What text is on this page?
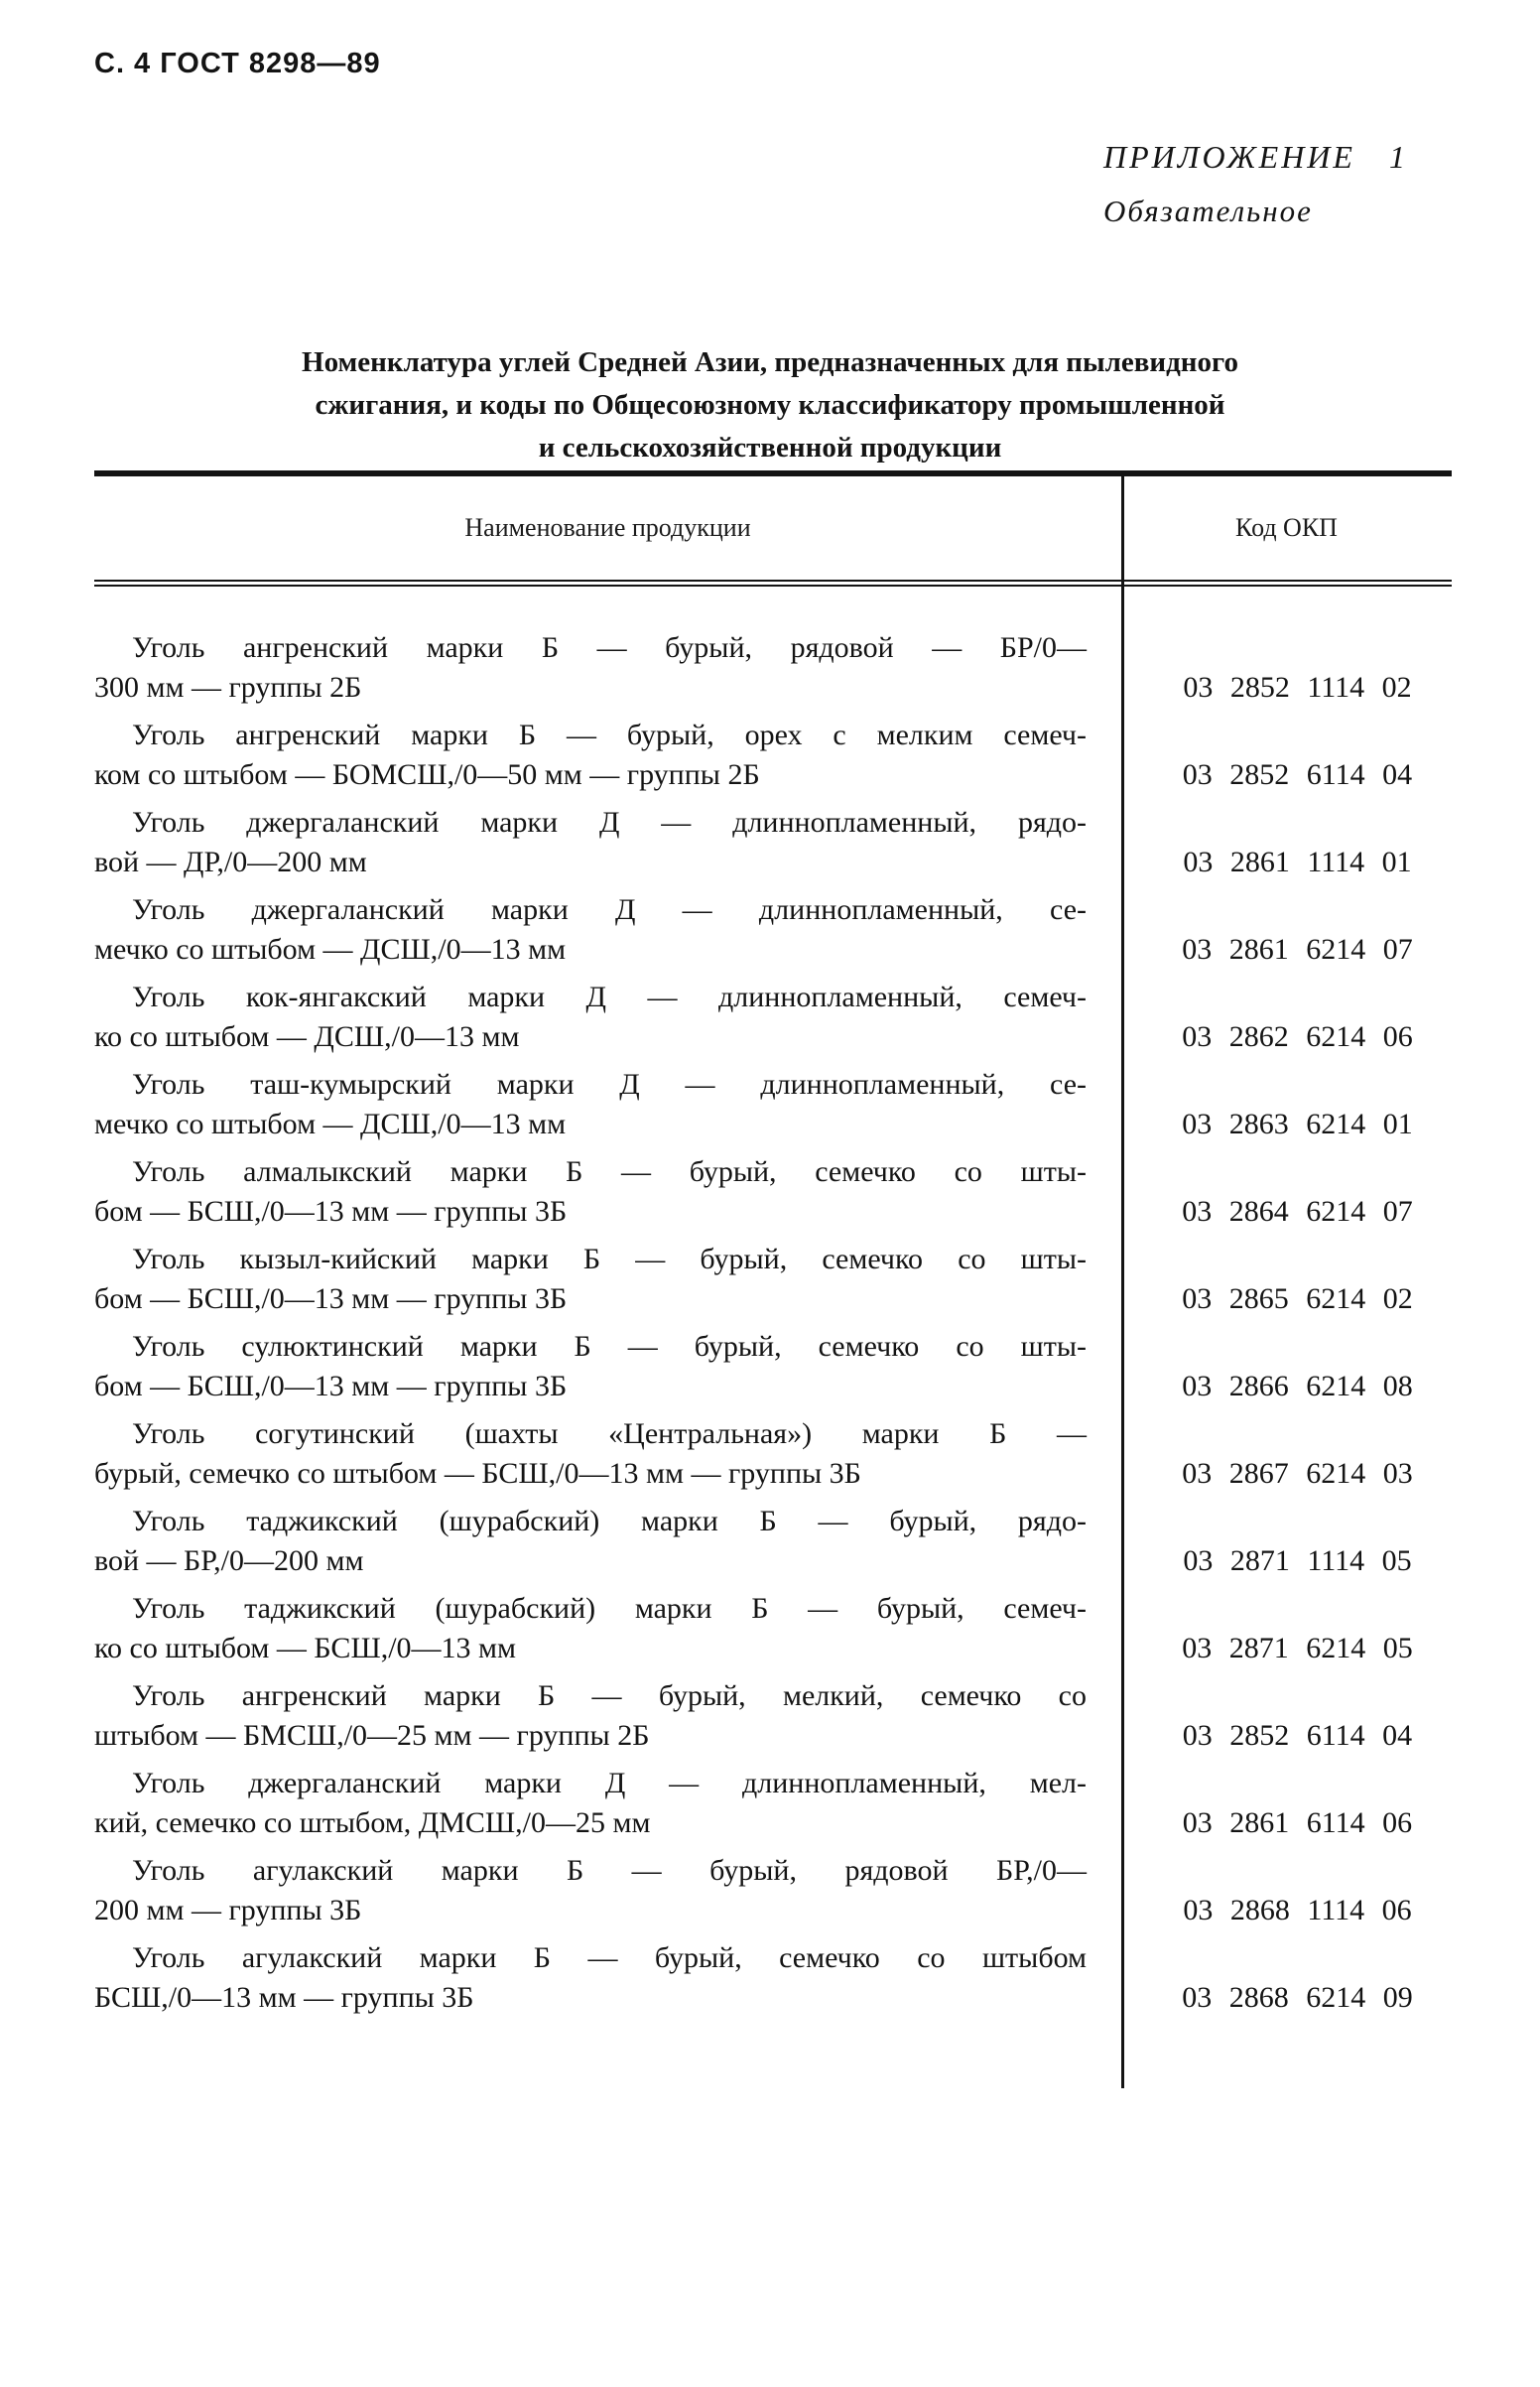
С. 4 ГОСТ 8298—89
ПРИЛОЖЕНИЕ 1
Обязательное
Номенклатура углей Средней Азии, предназначенных для пылевидного
сжигания, и коды по Общесоюзному классификатору промышленной
и сельскохозяйственной продукции
Наименование продукции	Код ОКП
Уголь ангренский марки Б — бурый, рядовой — БР/0—
300 мм — группы 2Б	03 2852 1114 02
Уголь ангренский марки Б — бурый, орех с мелким семеч-
ком со штыбом — БОМСШ,/0—50 мм — группы 2Б	03 2852 6114 04
Уголь джергаланский марки Д — длиннопламенный, рядо-
вой — ДР,/0—200 мм	03 2861 1114 01
Уголь джергаланский марки Д — длиннопламенный, се-
мечко со штыбом — ДСШ,/0—13 мм	03 2861 6214 07
Уголь кок-янгакский марки Д — длиннопламенный, семеч-
ко со штыбом — ДСШ,/0—13 мм	03 2862 6214 06
Уголь таш-кумырский марки Д — длиннопламенный, се-
мечко со штыбом — ДСШ,/0—13 мм	03 2863 6214 01
Уголь алмалыкский марки Б — бурый, семечко со шты-
бом — БСШ,/0—13 мм — группы 3Б	03 2864 6214 07
Уголь кызыл-кийский марки Б — бурый, семечко со шты-
бом — БСШ,/0—13 мм — группы 3Б	03 2865 6214 02
Уголь сулюктинский марки Б — бурый, семечко со шты-
бом — БСШ,/0—13 мм — группы 3Б	03 2866 6214 08
Уголь согутинский (шахты «Центральная») марки Б —
бурый, семечко со штыбом — БСШ,/0—13 мм — группы 3Б	03 2867 6214 03
Уголь таджикский (шурабский) марки Б — бурый, рядо-
вой — БР,/0—200 мм	03 2871 1114 05
Уголь таджикский (шурабский) марки Б — бурый, семеч-
ко со штыбом — БСШ,/0—13 мм	03 2871 6214 05
Уголь ангренский марки Б — бурый, мелкий, семечко со
штыбом — БМСШ,/0—25 мм — группы 2Б	03 2852 6114 04
Уголь джергаланский марки Д — длиннопламенный, мел-
кий, семечко со штыбом, ДМСШ,/0—25 мм	03 2861 6114 06
Уголь агулакский марки Б — бурый, рядовой БР,/0—
200 мм — группы 3Б	03 2868 1114 06
Уголь агулакский марки Б — бурый, семечко со штыбом
БСШ,/0—13 мм — группы 3Б	03 2868 6214 09
